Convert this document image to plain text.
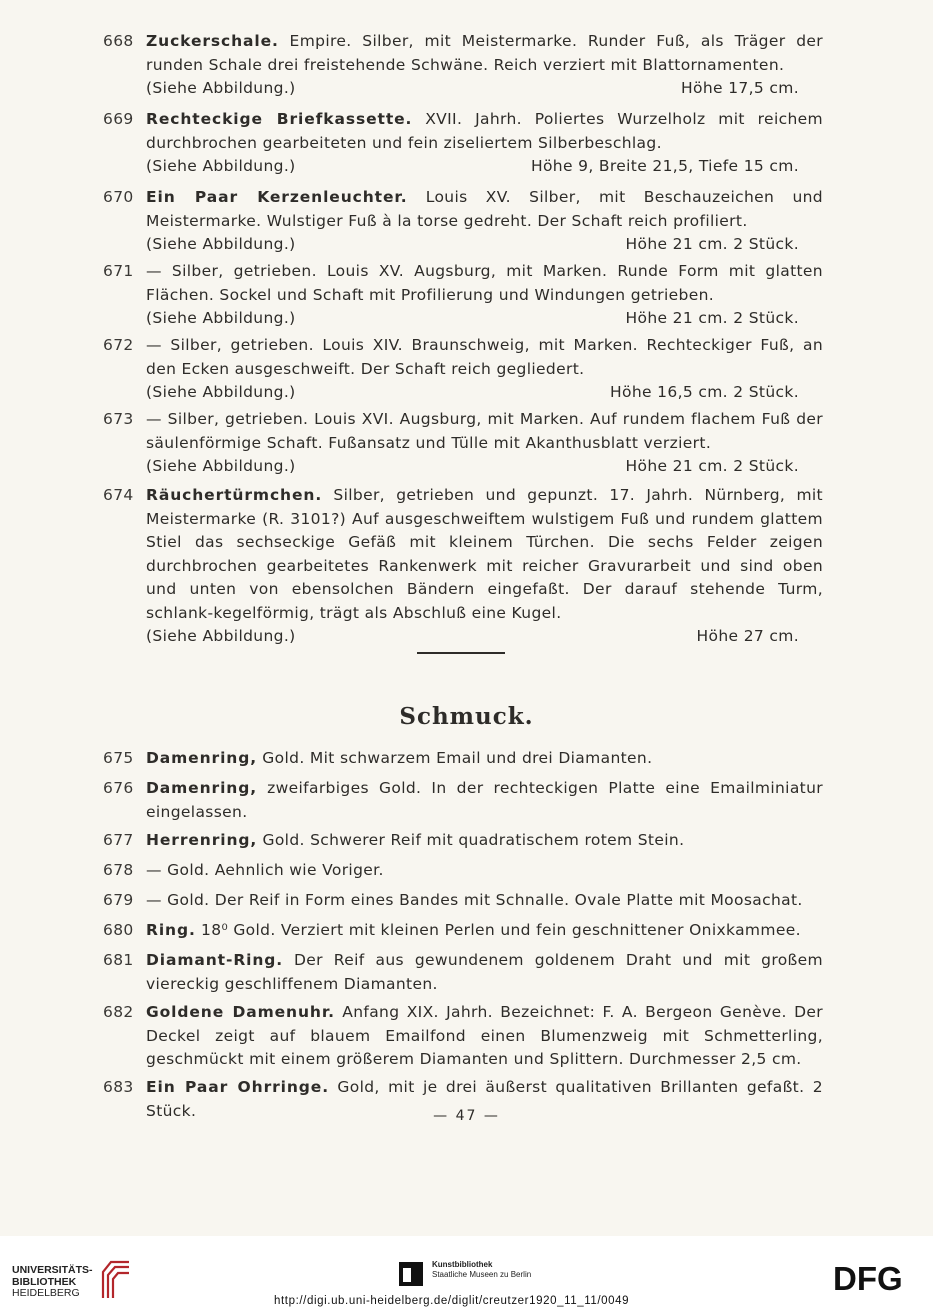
668 Zuckerschale. Empire. Silber, mit Meistermarke. Runder Fuß, als Träger der runden Schale drei freistehende Schwäne. Reich verziert mit Blattornamenten.

(Siehe Abbildung.)	Höhe 17,5 cm.
669 Rechteckige Briefkassette. XVII. Jahrh. Poliertes Wurzelholz mit reichem durchbrochen gearbeiteten und fein ziseliertem Silberbeschlag.

(Siehe Abbildung.)	Höhe 9, Breite 21,5, Tiefe 15 cm.
670 Ein Paar Kerzenleuchter. Louis XV. Silber, mit Beschauzeichen und Meistermarke. Wulstiger Fuß à la torse gedreht. Der Schaft reich profiliert.

(Siehe Abbildung.)	Höhe 21 cm. 2 Stück.
671 — Silber, getrieben. Louis XV. Augsburg, mit Marken. Runde Form mit glatten Flächen. Sockel und Schaft mit Profilierung und Windungen getrieben.

(Siehe Abbildung.)	Höhe 21 cm. 2 Stück.
672 — Silber, getrieben. Louis XIV. Braunschweig, mit Marken. Rechteckiger Fuß, an den Ecken ausgeschweift. Der Schaft reich gegliedert.

(Siehe Abbildung.)	Höhe 16,5 cm. 2 Stück.
673 — Silber, getrieben. Louis XVI. Augsburg, mit Marken. Auf rundem flachem Fuß der säulenförmige Schaft. Fußansatz und Tülle mit Akanthusblatt verziert.

(Siehe Abbildung.)	Höhe 21 cm. 2 Stück.
674 Räuchertürmchen. Silber, getrieben und gepunzt. 17. Jahrh. Nürnberg, mit Meistermarke (R. 3101?) Auf ausgeschweiftem wulstigem Fuß und rundem glattem Stiel das sechseckige Gefäß mit kleinem Türchen. Die sechs Felder zeigen durchbrochen gearbeitetes Rankenwerk mit reicher Gravurarbeit und sind oben und unten von ebensolchen Bändern eingefaßt. Der darauf stehende Turm, schlank-kegelförmig, trägt als Abschluß eine Kugel.

(Siehe Abbildung.)	Höhe 27 cm.
Schmuck.
675 Damenring, Gold. Mit schwarzem Email und drei Diamanten.

676 Damenring, zweifarbiges Gold. In der rechteckigen Platte eine Emailminiatur eingelassen.

677 Herrenring, Gold. Schwerer Reif mit quadratischem rotem Stein.

678 — Gold. Aehnlich wie Voriger.

679 — Gold. Der Reif in Form eines Bandes mit Schnalle. Ovale Platte mit Moosachat.

680 Ring. 18⁰ Gold. Verziert mit kleinen Perlen und fein geschnittener Onixkammee.

681 Diamant-Ring. Der Reif aus gewundenem goldenem Draht und mit großem viereckig geschliffenem Diamanten.

682 Goldene Damenuhr. Anfang XIX. Jahrh. Bezeichnet: F. A. Bergeon Genève. Der Deckel zeigt auf blauem Emailfond einen Blumenzweig mit Schmetterling, geschmückt mit einem größerem Diamanten und Splittern. Durchmesser 2,5 cm.

683 Ein Paar Ohrringe. Gold, mit je drei äußerst qualitativen Brillanten gefaßt. 2 Stück.	— 47 —
UNIVERSITÄTS-
BIBLIOTHEK
HEIDELBERG
Kunstbibliothek
Staatliche Museen zu Berlin	DFG
http://digi.ub.uni-heidelberg.de/diglit/creutzer1920_11_11/0049
